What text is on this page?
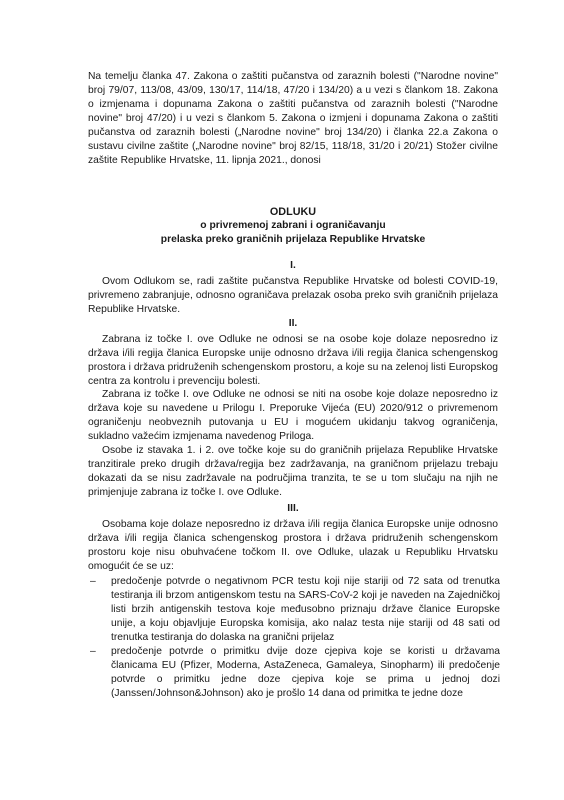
Na temelju članka 47. Zakona o zaštiti pučanstva od zaraznih bolesti ("Narodne novine" broj 79/07, 113/08, 43/09, 130/17, 114/18, 47/20 i 134/20) a u vezi s člankom 18. Zakona o izmjenama i dopunama Zakona o zaštiti pučanstva od zaraznih bolesti ("Narodne novine" broj 47/20) i u vezi s člankom 5. Zakona o izmjeni i dopunama Zakona o zaštiti pučanstva od zaraznih bolesti („Narodne novine" broj 134/20) i članka 22.a Zakona o sustavu civilne zaštite („Narodne novine" broj 82/15, 118/18, 31/20 i 20/21) Stožer civilne zaštite Republike Hrvatske, 11. lipnja 2021., donosi

ODLUKU

o privremenoj zabrani i ograničavanju

prelaska preko graničnih prijelaza Republike Hrvatske

I.

Ovom Odlukom se, radi zaštite pučanstva Republike Hrvatske od bolesti COVID-19, privremeno zabranjuje, odnosno ograničava prelazak osoba preko svih graničnih prijelaza Republike Hrvatske.

II.

Zabrana iz točke I. ove Odluke ne odnosi se na osobe koje dolaze neposredno iz država i/ili regija članica Europske unije odnosno država i/ili regija članica schengenskog prostora i država pridruženih schengenskom prostoru, a koje su na zelenoj listi Europskog centra za kontrolu i prevenciju bolesti.

Zabrana iz točke I. ove Odluke ne odnosi se niti na osobe koje dolaze neposredno iz država koje su navedene u Prilogu I. Preporuke Vijeća (EU) 2020/912 o privremenom ograničenju neobveznih putovanja u EU i mogućem ukidanju takvog ograničenja, sukladno važećim izmjenama navedenog Priloga.

Osobe iz stavaka 1. i 2. ove točke koje su do graničnih prijelaza Republike Hrvatske tranzitirale preko drugih država/regija bez zadržavanja, na graničnom prijelazu trebaju dokazati da se nisu zadržavale na područjima tranzita, te se u tom slučaju na njih ne primjenjuje zabrana iz točke I. ove Odluke.

III.

Osobama koje dolaze neposredno iz država i/ili regija članica Europske unije odnosno država i/ili regija članica schengenskog prostora i država pridruženih schengenskom prostoru koje nisu obuhvaćene točkom II. ove Odluke, ulazak u Republiku Hrvatsku omogućit će se uz:

– predočenje potvrde o negativnom PCR testu koji nije stariji od 72 sata od trenutka testiranja ili brzom antigenskom testu na SARS-CoV-2 koji je naveden na Zajedničkoj listi brzih antigenskih testova koje međusobno priznaju države članice Europske unije, a koju objavljuje Europska komisija, ako nalaz testa nije stariji od 48 sati od trenutka testiranja do dolaska na granični prijelaz
– predočenje potvrde o primitku dvije doze cjepiva koje se koristi u državama članicama EU (Pfizer, Moderna, AstaZeneca, Gamaleya, Sinopharm) ili predočenje potvrde o primitku jedne doze cjepiva koje se prima u jednoj dozi (Janssen/Johnson&Johnson) ako je prošlo 14 dana od primitka te jedne doze
